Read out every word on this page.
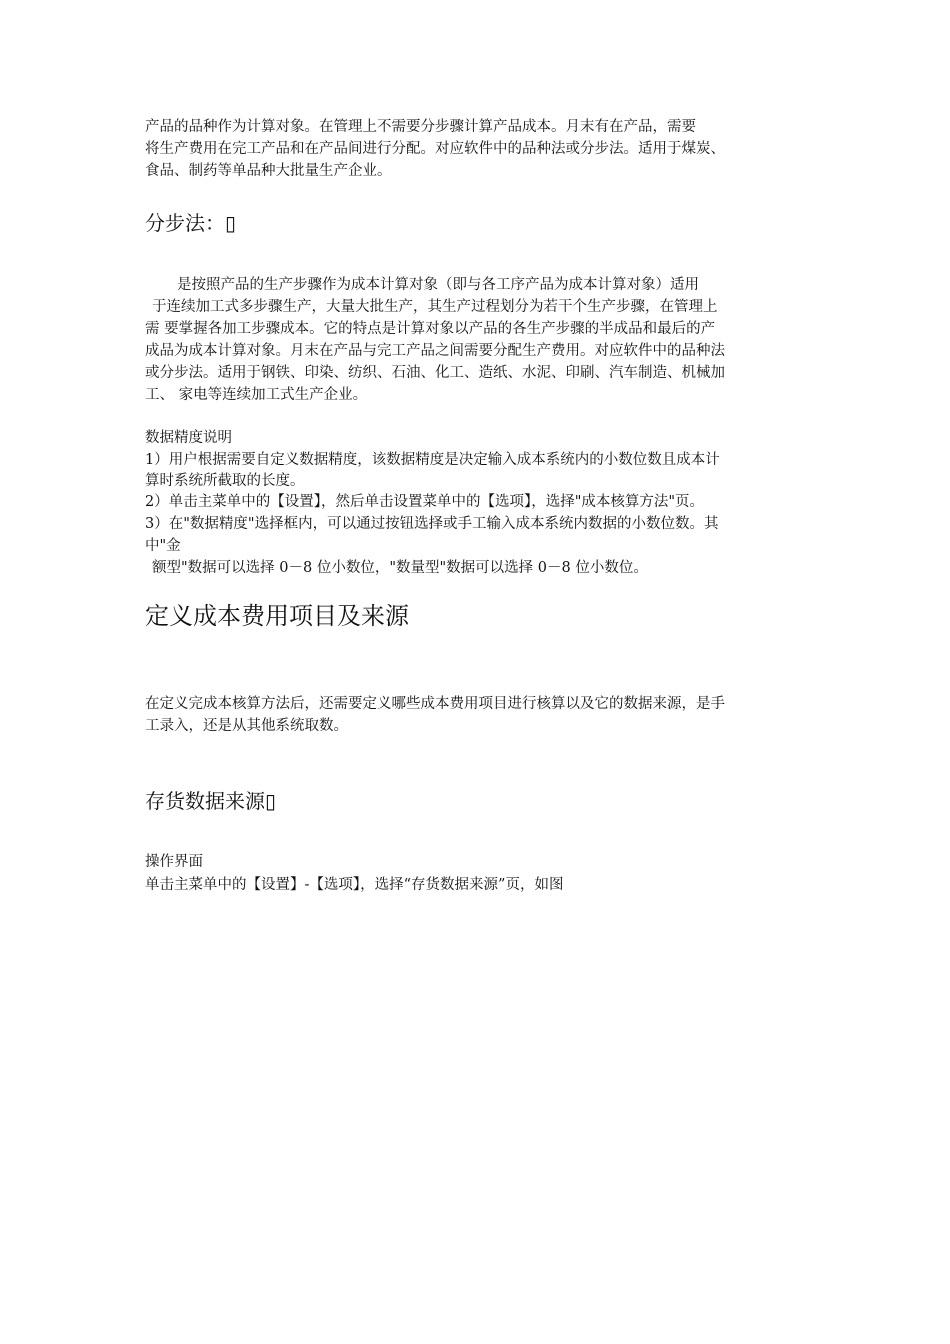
产品的品种作为计算对象。在管理上不需要分步骤计算产品成本。月末有在产品，需要
将生产费用在完工产品和在产品间进行分配。对应软件中的品种法或分步法。适用于煤炭、
食品、制药等单品种大批量生产企业。
分步法：▯
是按照产品的生产步骤作为成本计算对象（即与各工序产品为成本计算对象）适用
于连续加工式多步骤生产，大量大批生产，其生产过程划分为若干个生产步骤，在管理上
需 要掌握各加工步骤成本。它的特点是计算对象以产品的各生产步骤的半成品和最后的产
成品为成本计算对象。月末在产品与完工产品之间需要分配生产费用。对应软件中的品种法
或分步法。适用于钢铁、印染、纺织、石油、化工、造纸、水泥、印刷、汽车制造、机械加
工、 家电等连续加工式生产企业。
数据精度说明
1）用户根据需要自定义数据精度，该数据精度是决定输入成本系统内的小数位数且成本计
算时系统所截取的长度。
2）单击主菜单中的【设置】，然后单击设置菜单中的【选项】，选择"成本核算方法"页。
3）在"数据精度"选择框内，可以通过按钮选择或手工输入成本系统内数据的小数位数。其
中"金
额型"数据可以选择 0－8 位小数位，"数量型"数据可以选择 0－8 位小数位。
定义成本费用项目及来源
在定义完成本核算方法后，还需要定义哪些成本费用项目进行核算以及它的数据来源，是手
工录入，还是从其他系统取数。
存货数据来源▯
操作界面
单击主菜单中的【设置】-【选项】，选择“存货数据来源”页，如图
